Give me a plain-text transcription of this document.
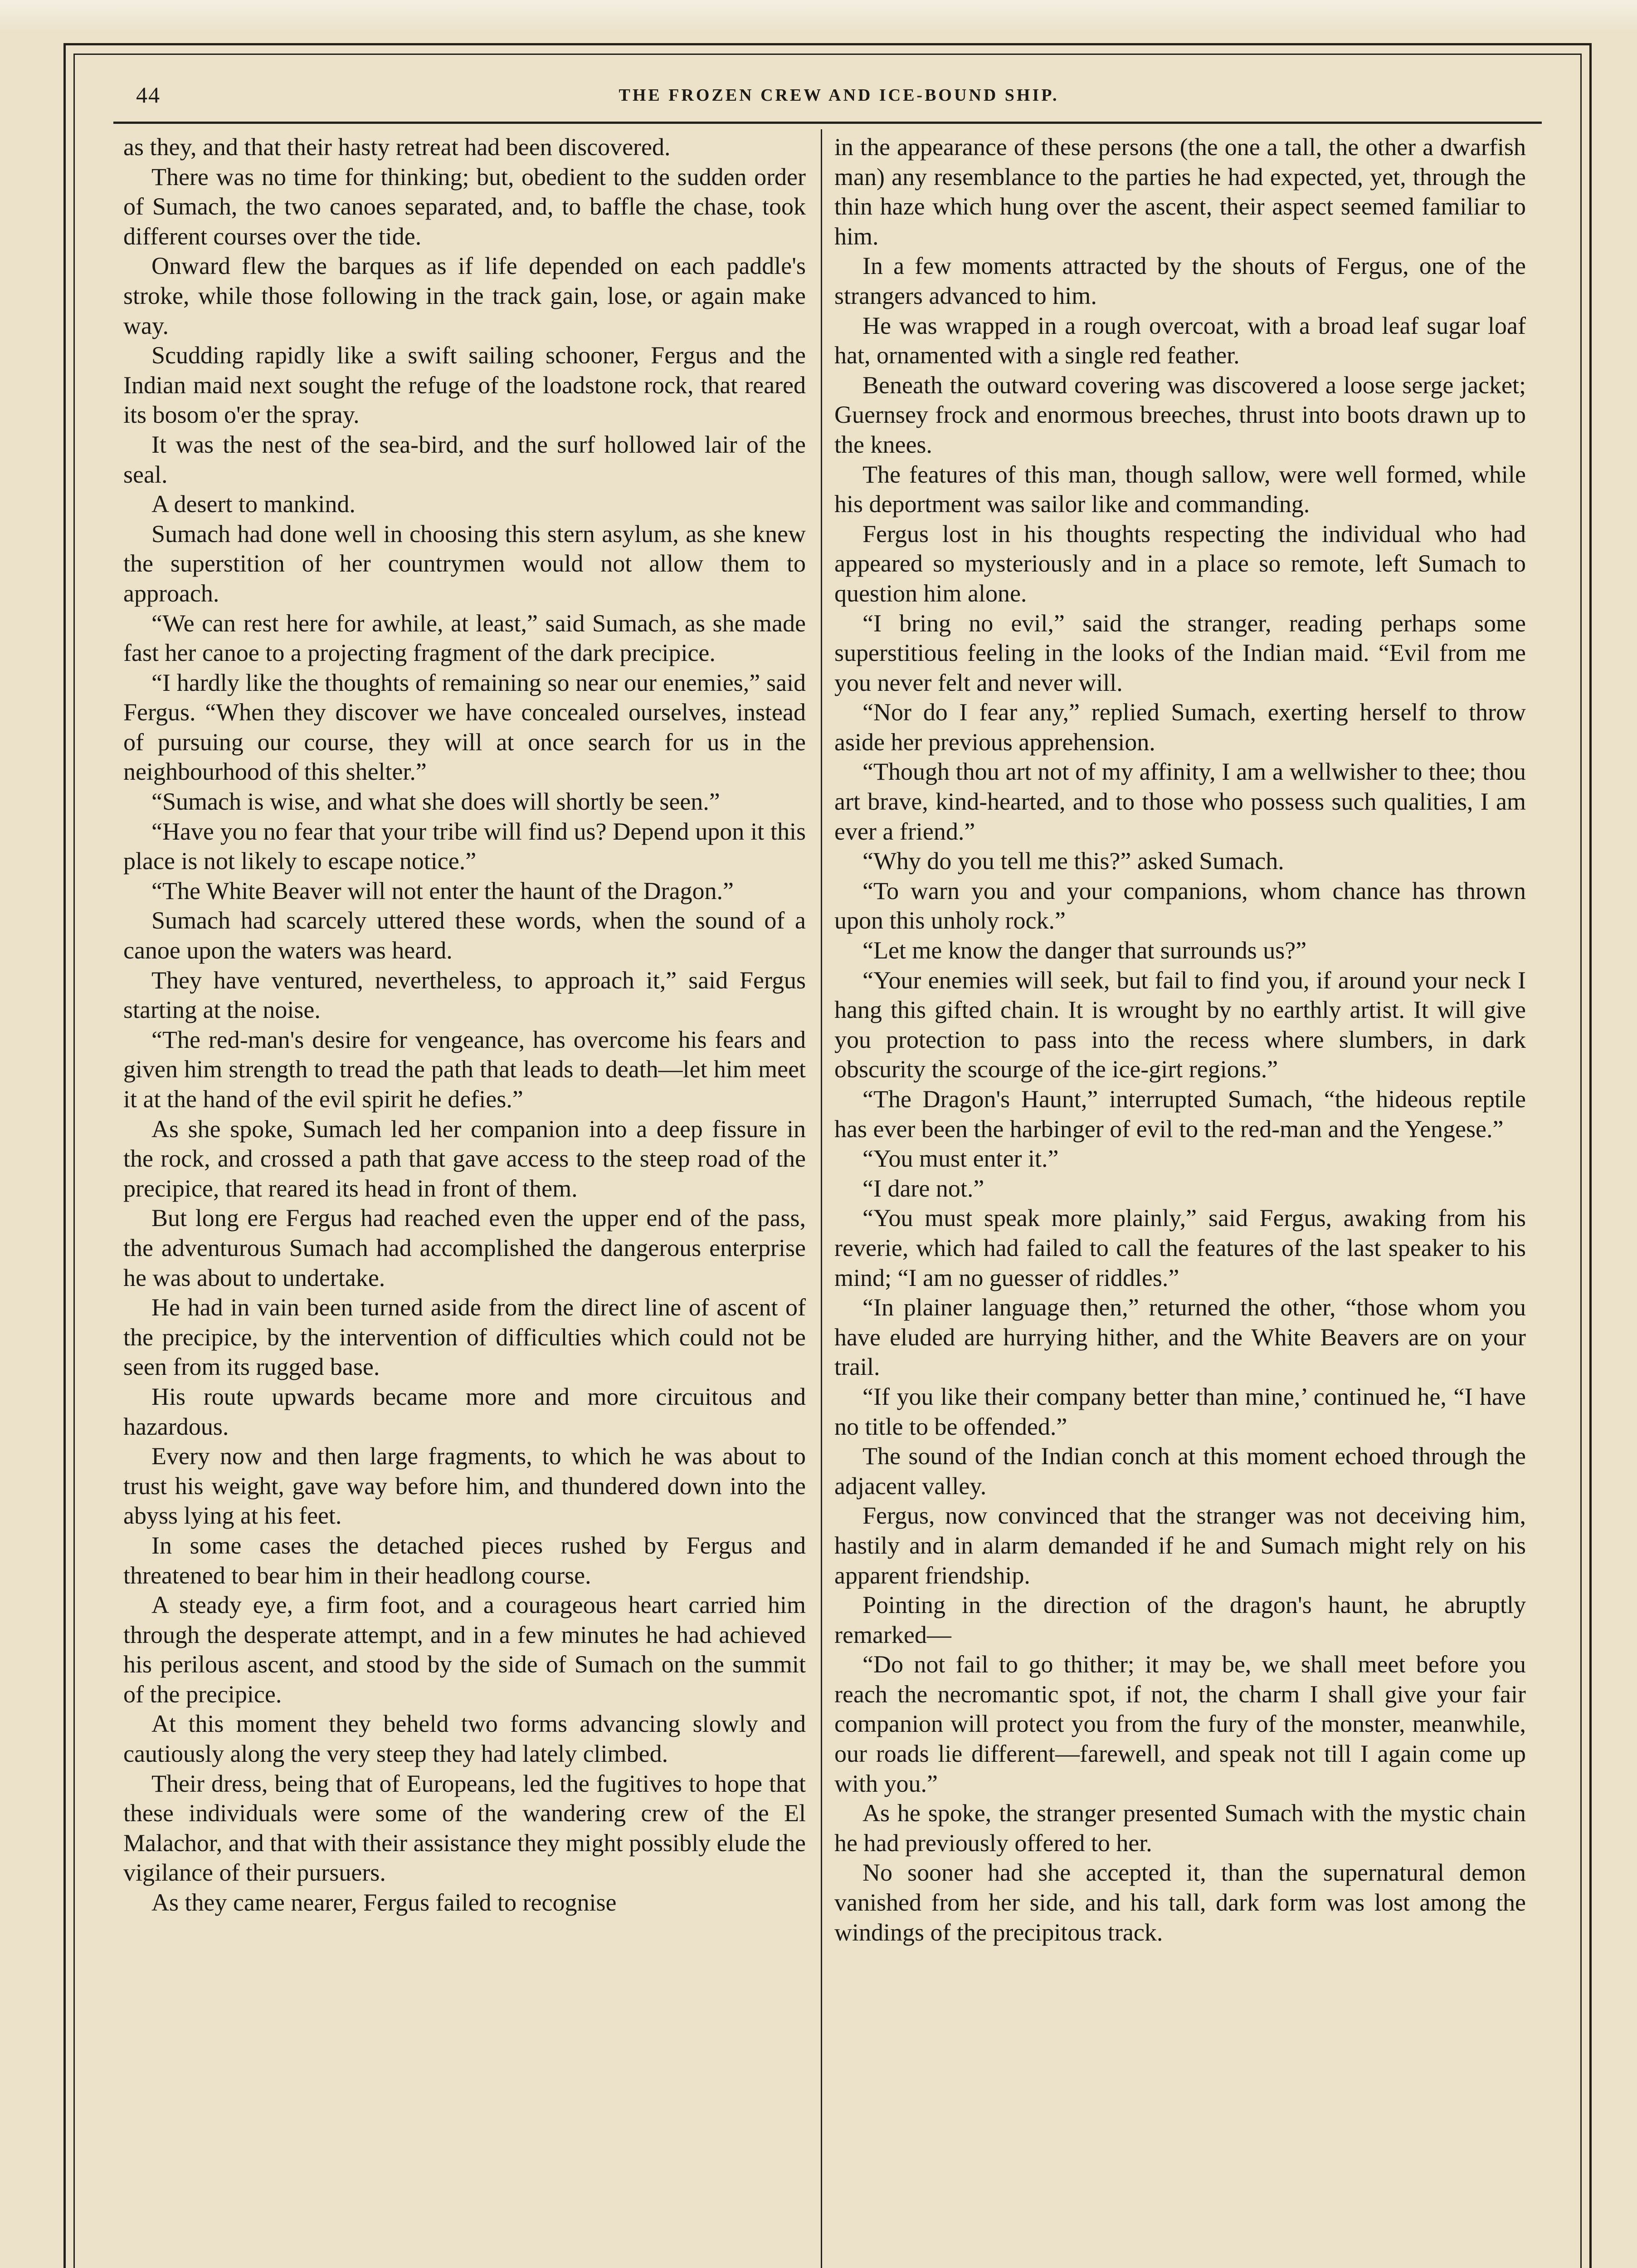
44	THE FROZEN CREW AND ICE-BOUND SHIP.

as they, and that their hasty retreat had been discovered.

There was no time for thinking; but, obedient to the sudden order of Sumach, the two canoes separated, and, to baffle the chase, took different courses over the tide.

Onward flew the barques as if life depended on each paddle's stroke, while those following in the track gain, lose, or again make way.

Scudding rapidly like a swift sailing schooner, Fergus and the Indian maid next sought the refuge of the loadstone rock, that reared its bosom o'er the spray.

It was the nest of the sea-bird, and the surf hollowed lair of the seal.

A desert to mankind.

Sumach had done well in choosing this stern asylum, as she knew the superstition of her countrymen would not allow them to approach.

“We can rest here for awhile, at least,” said Sumach, as she made fast her canoe to a projecting fragment of the dark precipice.

“I hardly like the thoughts of remaining so near our enemies,” said Fergus. “When they discover we have concealed ourselves, instead of pursuing our course, they will at once search for us in the neighbourhood of this shelter.”

“Sumach is wise, and what she does will shortly be seen.”

“Have you no fear that your tribe will find us? Depend upon it this place is not likely to escape notice.”

“The White Beaver will not enter the haunt of the Dragon.”

Sumach had scarcely uttered these words, when the sound of a canoe upon the waters was heard.

They have ventured, nevertheless, to approach it,” said Fergus starting at the noise.

“The red-man's desire for vengeance, has overcome his fears and given him strength to tread the path that leads to death—let him meet it at the hand of the evil spirit he defies.”

As she spoke, Sumach led her companion into a deep fissure in the rock, and crossed a path that gave access to the steep road of the precipice, that reared its head in front of them.

But long ere Fergus had reached even the upper end of the pass, the adventurous Sumach had accomplished the dangerous enterprise he was about to undertake.

He had in vain been turned aside from the direct line of ascent of the precipice, by the intervention of difficulties which could not be seen from its rugged base.

His route upwards became more and more circuitous and hazardous.

Every now and then large fragments, to which he was about to trust his weight, gave way before him, and thundered down into the abyss lying at his feet.

In some cases the detached pieces rushed by Fergus and threatened to bear him in their headlong course.

A steady eye, a firm foot, and a courageous heart carried him through the desperate attempt, and in a few minutes he had achieved his perilous ascent, and stood by the side of Sumach on the summit of the precipice.

At this moment they beheld two forms advancing slowly and cautiously along the very steep they had lately climbed.

Their dress, being that of Europeans, led the fugitives to hope that these individuals were some of the wandering crew of the El Malachor, and that with their assistance they might possibly elude the vigilance of their pursuers.

As they came nearer, Fergus failed to recognise

in the appearance of these persons (the one a tall, the other a dwarfish man) any resemblance to the parties he had expected, yet, through the thin haze which hung over the ascent, their aspect seemed familiar to him.

In a few moments attracted by the shouts of Fergus, one of the strangers advanced to him.

He was wrapped in a rough overcoat, with a broad leaf sugar loaf hat, ornamented with a single red feather.

Beneath the outward covering was discovered a loose serge jacket; Guernsey frock and enormous breeches, thrust into boots drawn up to the knees.

The features of this man, though sallow, were well formed, while his deportment was sailor like and commanding.

Fergus lost in his thoughts respecting the individual who had appeared so mysteriously and in a place so remote, left Sumach to question him alone.

“I bring no evil,” said the stranger, reading perhaps some superstitious feeling in the looks of the Indian maid. “Evil from me you never felt and never will.

“Nor do I fear any,” replied Sumach, exerting herself to throw aside her previous apprehension.

“Though thou art not of my affinity, I am a wellwisher to thee; thou art brave, kind-hearted, and to those who possess such qualities, I am ever a friend.”

“Why do you tell me this?” asked Sumach.

“To warn you and your companions, whom chance has thrown upon this unholy rock.”

“Let me know the danger that surrounds us?”

“Your enemies will seek, but fail to find you, if around your neck I hang this gifted chain. It is wrought by no earthly artist. It will give you protection to pass into the recess where slumbers, in dark obscurity the scourge of the ice-girt regions.”

“The Dragon's Haunt,” interrupted Sumach, “the hideous reptile has ever been the harbinger of evil to the red-man and the Yengese.”

“You must enter it.”

“I dare not.”

“You must speak more plainly,” said Fergus, awaking from his reverie, which had failed to call the features of the last speaker to his mind; “I am no guesser of riddles.”

“In plainer language then,” returned the other, “those whom you have eluded are hurrying hither, and the White Beavers are on your trail.

“If you like their company better than mine,’ continued he, “I have no title to be offended.”

The sound of the Indian conch at this moment echoed through the adjacent valley.

Fergus, now convinced that the stranger was not deceiving him, hastily and in alarm demanded if he and Sumach might rely on his apparent friendship.

Pointing in the direction of the dragon's haunt, he abruptly remarked—

“Do not fail to go thither; it may be, we shall meet before you reach the necromantic spot, if not, the charm I shall give your fair companion will protect you from the fury of the monster, meanwhile, our roads lie different—farewell, and speak not till I again come up with you.”

As he spoke, the stranger presented Sumach with the mystic chain he had previously offered to her.

No sooner had she accepted it, than the supernatural demon vanished from her side, and his tall, dark form was lost among the windings of the precipitous track.
